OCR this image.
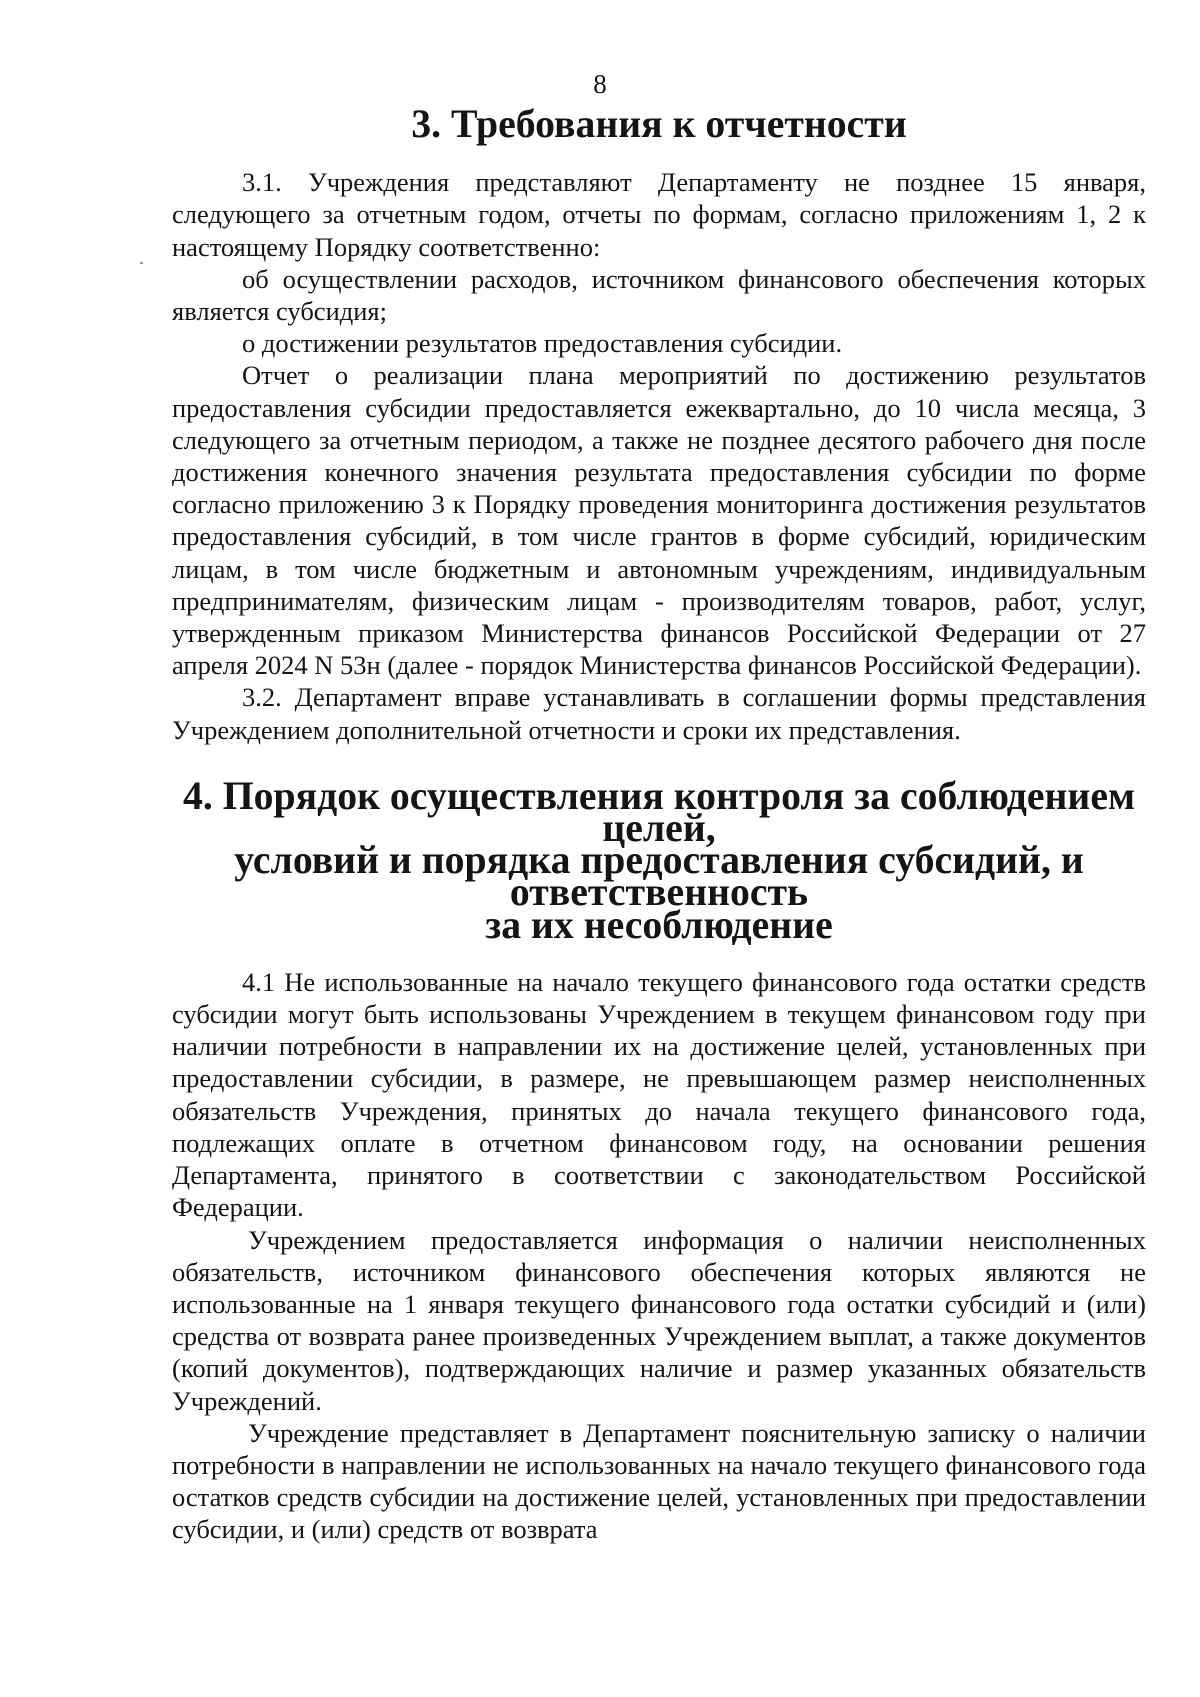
8
3. Требования к отчетности

3.1. Учреждения представляют Департаменту не позднее 15 января, следующего за отчетным годом, отчеты по формам, согласно приложениям 1, 2 к настоящему Порядку соответственно:

об осуществлении расходов, источником финансового обеспечения которых является субсидия;

о достижении результатов предоставления субсидии.

Отчет о реализации плана мероприятий по достижению результатов предоставления субсидии предоставляется ежеквартально, до 10 числа месяца, 3 следующего за отчетным периодом, а также не позднее десятого рабочего дня после достижения конечного значения результата предоставления субсидии по форме согласно приложению 3 к Порядку проведения мониторинга достижения результатов предоставления субсидий, в том числе грантов в форме субсидий, юридическим лицам, в том числе бюджетным и автономным учреждениям, индивидуальным предпринимателям, физическим лицам - производителям товаров, работ, услуг, утвержденным приказом Министерства финансов Российской Федерации от 27 апреля 2024 N 53н (далее - порядок Министерства финансов Российской Федерации).

3.2. Департамент вправе устанавливать в соглашении формы представления Учреждением дополнительной отчетности и сроки их представления.

4. Порядок осуществления контроля за соблюдением целей,
условий и порядка предоставления субсидий, и ответственность
за их несоблюдение

4.1 Не использованные на начало текущего финансового года остатки средств субсидии могут быть использованы Учреждением в текущем финансовом году при наличии потребности в направлении их на достижение целей, установленных при предоставлении субсидии, в размере, не превышающем размер неисполненных обязательств Учреждения, принятых до начала текущего финансового года, подлежащих оплате в отчетном финансовом году, на основании решения Департамента, принятого в соответствии с законодательством Российской Федерации.

Учреждением предоставляется информация о наличии неисполненных обязательств, источником финансового обеспечения которых являются не использованные на 1 января текущего финансового года остатки субсидий и (или) средства от возврата ранее произведенных Учреждением выплат, а также документов (копий документов), подтверждающих наличие и размер указанных обязательств Учреждений.

Учреждение представляет в Департамент пояснительную записку о наличии потребности в направлении не использованных на начало текущего финансового года остатков средств субсидии на достижение целей, установленных при предоставлении субсидии, и (или) средств от возврата
